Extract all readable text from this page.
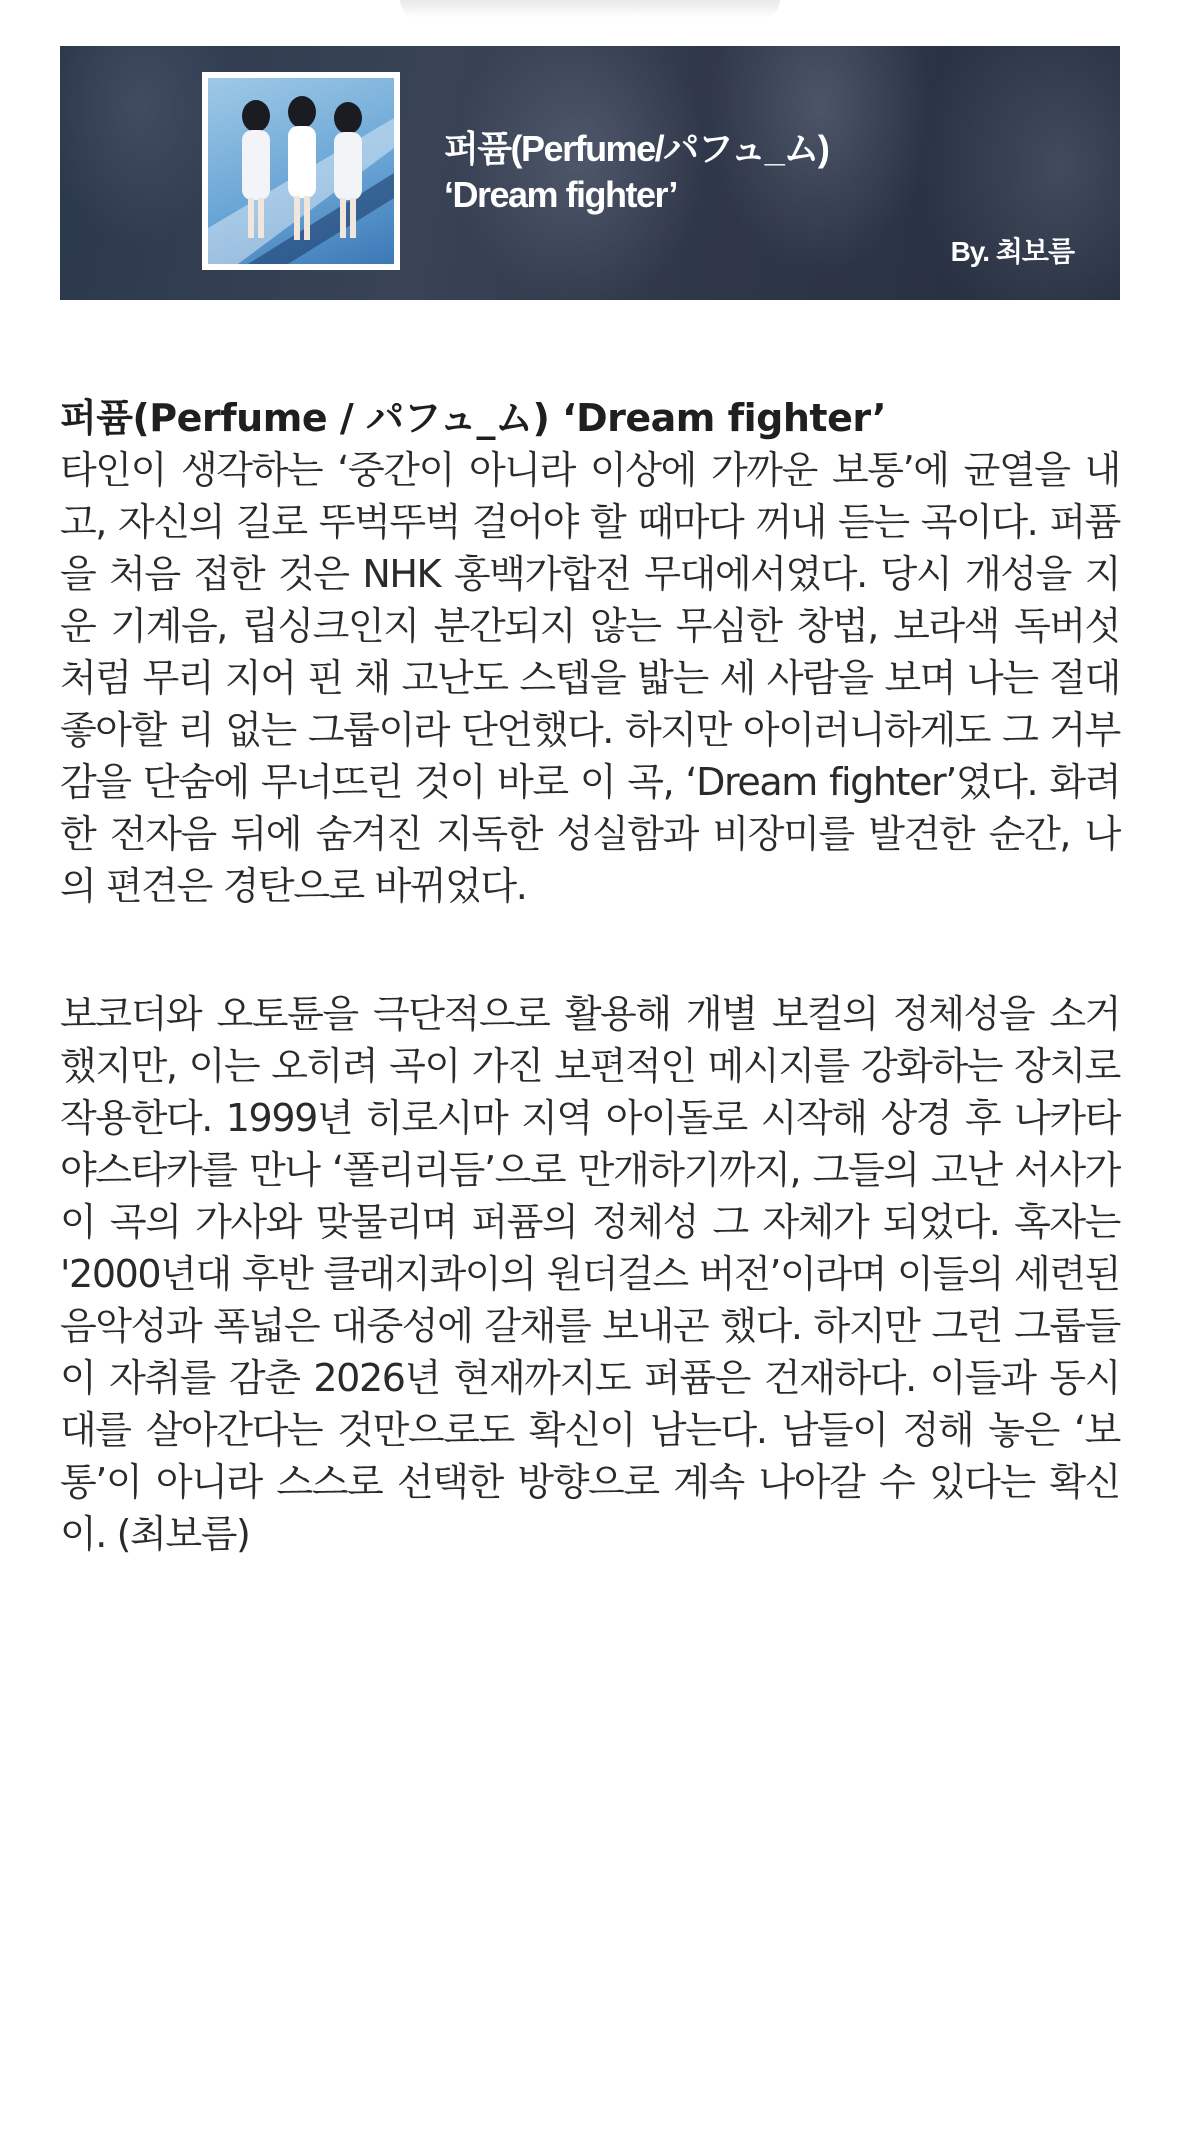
퍼퓸(Perfume/パフュ_ム)
‘Dream fighter’
By. 최보름
퍼퓸(Perfume / パフュ_ム) ‘Dream fighter’

타인이 생각하는 ‘중간이 아니라 이상에 가까운 보통’에 균열을 내고, 자신의 길로 뚜벅뚜벅 걸어야 할 때마다 꺼내 듣는 곡이다. 퍼퓸을 처음 접한 것은 NHK 홍백가합전 무대에서였다. 당시 개성을 지운 기계음, 립싱크인지 분간되지 않는 무심한 창법, 보라색 독버섯처럼 무리 지어 핀 채 고난도 스텝을 밟는 세 사람을 보며 나는 절대 좋아할 리 없는 그룹이라 단언했다. 하지만 아이러니하게도 그 거부감을 단숨에 무너뜨린 것이 바로 이 곡, ‘Dream fighter’였다. 화려한 전자음 뒤에 숨겨진 지독한 성실함과 비장미를 발견한 순간, 나의 편견은 경탄으로 바뀌었다.

보코더와 오토튠을 극단적으로 활용해 개별 보컬의 정체성을 소거했지만, 이는 오히려 곡이 가진 보편적인 메시지를 강화하는 장치로 작용한다. 1999년 히로시마 지역 아이돌로 시작해 상경 후 나카타 야스타카를 만나 ‘폴리리듬’으로 만개하기까지, 그들의 고난 서사가 이 곡의 가사와 맞물리며 퍼퓸의 정체성 그 자체가 되었다. 혹자는 '2000년대 후반 클래지콰이의 원더걸스 버전’이라며 이들의 세련된 음악성과 폭넓은 대중성에 갈채를 보내곤 했다. 하지만 그런 그룹들이 자취를 감춘 2026년 현재까지도 퍼퓸은 건재하다. 이들과 동시대를 살아간다는 것만으로도 확신이 남는다. 남들이 정해 놓은 ‘보통’이 아니라 스스로 선택한 방향으로 계속 나아갈 수 있다는 확신이. (최보름)
